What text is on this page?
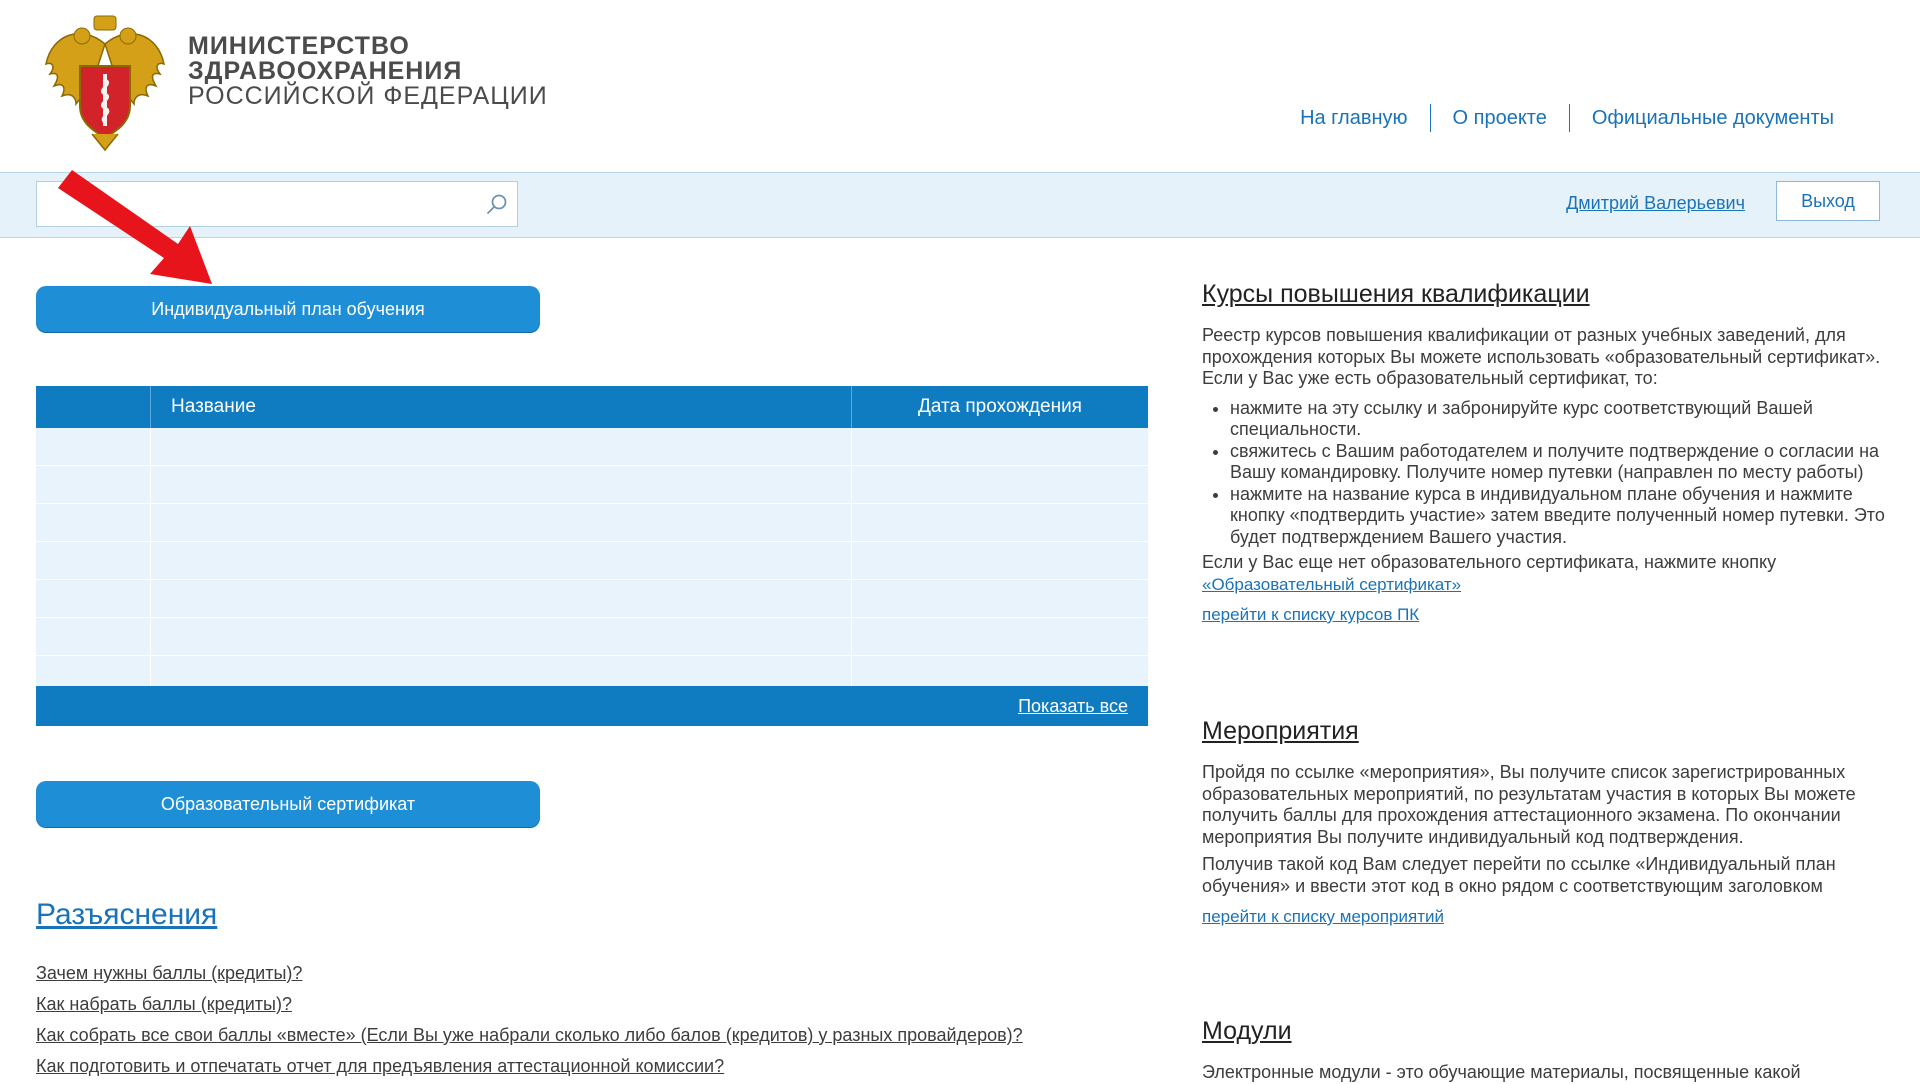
МИНИСТЕРСТВО
ЗДРАВООХРАНЕНИЯ
РОССИЙСКОЙ ФЕДЕРАЦИИ
На главную	О проекте	Официальные документы
Дмитрий Валерьевич	Выход
Индивидуальный план обучения
	Название	Дата прохождения

Показать все
Образовательный сертификат
Разъяснения
Зачем нужны баллы (кредиты)?
Как набрать баллы (кредиты)?
Как собрать все свои баллы «вместе» (Если Вы уже набрали сколько либо балов (кредитов) у разных провайдеров)?
Как подготовить и отпечатать отчет для предъявления аттестационной комиссии?
Курсы повышения квалификации

Реестр курсов повышения квалификации от разных учебных заведений, для прохождения которых Вы можете использовать «образовательный сертификат». Если у Вас уже есть образовательный сертификат, то:

• нажмите на эту ссылку и забронируйте курс соответствующий Вашей специальности.
• свяжитесь с Вашим работодателем и получите подтверждение о согласии на Вашу командировку. Получите номер путевки (направлен по месту работы)
• нажмите на название курса в индивидуальном плане обучения и нажмите кнопку «подтвердить участие» затем введите полученный номер путевки. Это будет подтверждением Вашего участия.

Если у Вас еще нет образовательного сертификата, нажмите кнопку
«Образовательный сертификат»

перейти к списку курсов ПК
Мероприятия

Пройдя по ссылке «мероприятия», Вы получите список зарегистрированных образовательных мероприятий, по результатам участия в которых Вы можете получить баллы для прохождения аттестационного экзамена. По окончании мероприятия Вы получите индивидуальный код подтверждения.

Получив такой код Вам следует перейти по ссылке «Индивидуальный план обучения» и ввести этот код в окно рядом с соответствующим заголовком

перейти к списку мероприятий
Модули

Электронные модули - это обучающие материалы, посвященные какой
